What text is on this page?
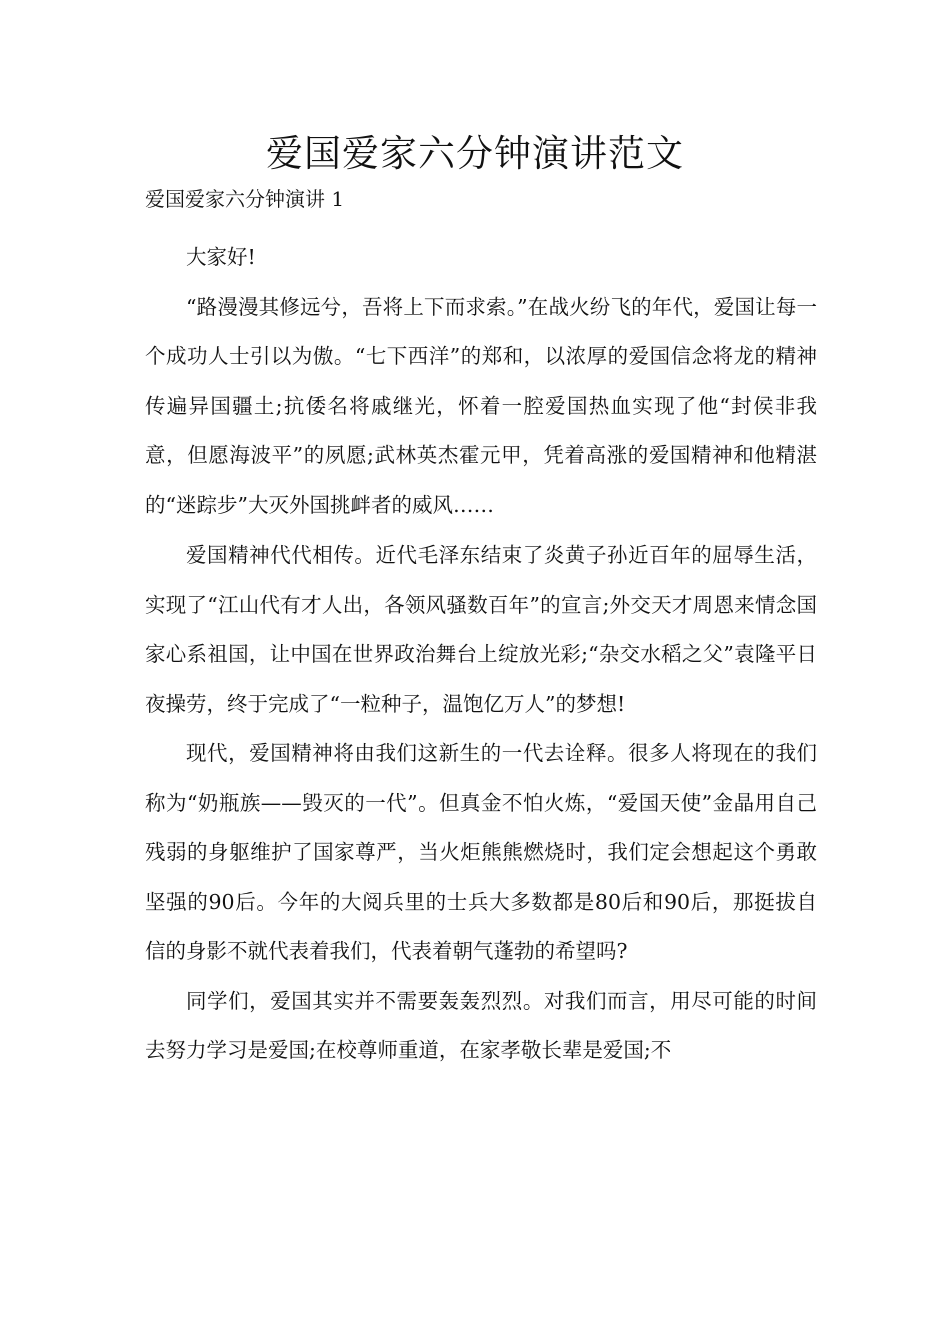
爱国爱家六分钟演讲范文

爱国爱家六分钟演讲 1

大家好!

“路漫漫其修远兮，吾将上下而求索。”在战火纷飞的年代，爱国让每一个成功人士引以为傲。“七下西洋”的郑和，以浓厚的爱国信念将龙的精神传遍异国疆土;抗倭名将戚继光，怀着一腔爱国热血实现了他“封侯非我意，但愿海波平”的夙愿;武林英杰霍元甲，凭着高涨的爱国精神和他精湛的“迷踪步”大灭外国挑衅者的威风……

爱国精神代代相传。近代毛泽东结束了炎黄子孙近百年的屈辱生活，实现了“江山代有才人出，各领风骚数百年”的宣言;外交天才周恩来情念国家心系祖国，让中国在世界政治舞台上绽放光彩;“杂交水稻之父”袁隆平日夜操劳，终于完成了“一粒种子，温饱亿万人”的梦想!

现代，爱国精神将由我们这新生的一代去诠释。很多人将现在的我们称为“奶瓶族——毁灭的一代”。但真金不怕火炼，“爱国天使”金晶用自己残弱的身躯维护了国家尊严，当火炬熊熊燃烧时，我们定会想起这个勇敢坚强的90后。今年的大阅兵里的士兵大多数都是80后和90后，那挺拔自信的身影不就代表着我们，代表着朝气蓬勃的希望吗?

同学们，爱国其实并不需要轰轰烈烈。对我们而言，用尽可能的时间去努力学习是爱国;在校尊师重道，在家孝敬长辈是爱国;不
